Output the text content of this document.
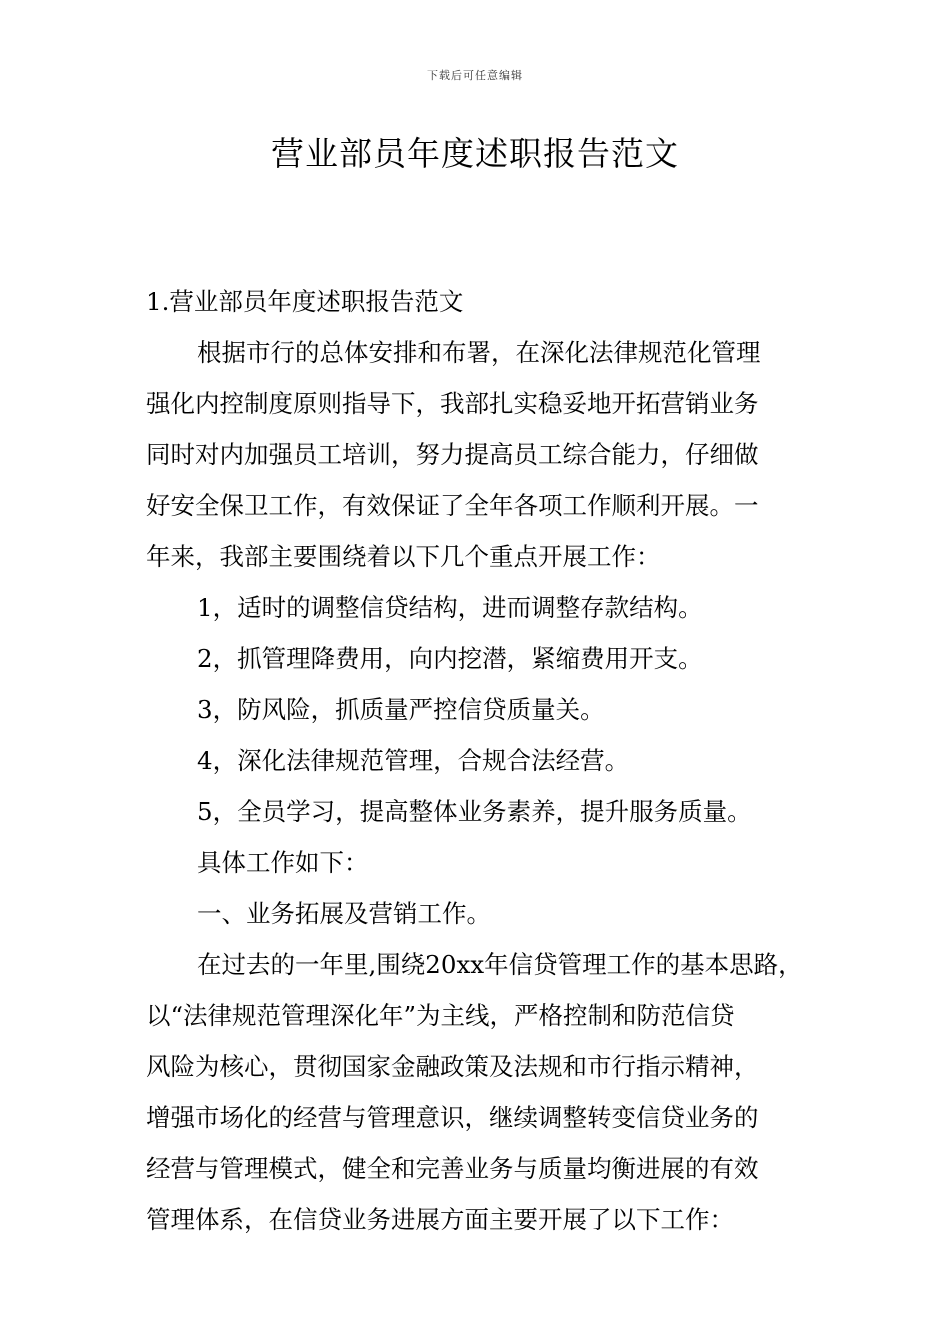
下载后可任意编辑
营业部员年度述职报告范文
1.营业部员年度述职报告范文
根据市行的总体安排和布署，在深化法律规范化管理
强化内控制度原则指导下，我部扎实稳妥地开拓营销业务
同时对内加强员工培训，努力提高员工综合能力，仔细做
好安全保卫工作，有效保证了全年各项工作顺利开展。一
年来，我部主要围绕着以下几个重点开展工作：
1，适时的调整信贷结构，进而调整存款结构。
2，抓管理降费用，向内挖潜，紧缩费用开支。
3，防风险，抓质量严控信贷质量关。
4，深化法律规范管理，合规合法经营。
5，全员学习，提高整体业务素养，提升服务质量。
具体工作如下：
一、业务拓展及营销工作。
在过去的一年里,围绕20xx年信贷管理工作的基本思路，
以“法律规范管理深化年”为主线，严格控制和防范信贷
风险为核心，贯彻国家金融政策及法规和市行指示精神，
增强市场化的经营与管理意识，继续调整转变信贷业务的
经营与管理模式，健全和完善业务与质量均衡进展的有效
管理体系，在信贷业务进展方面主要开展了以下工作：
